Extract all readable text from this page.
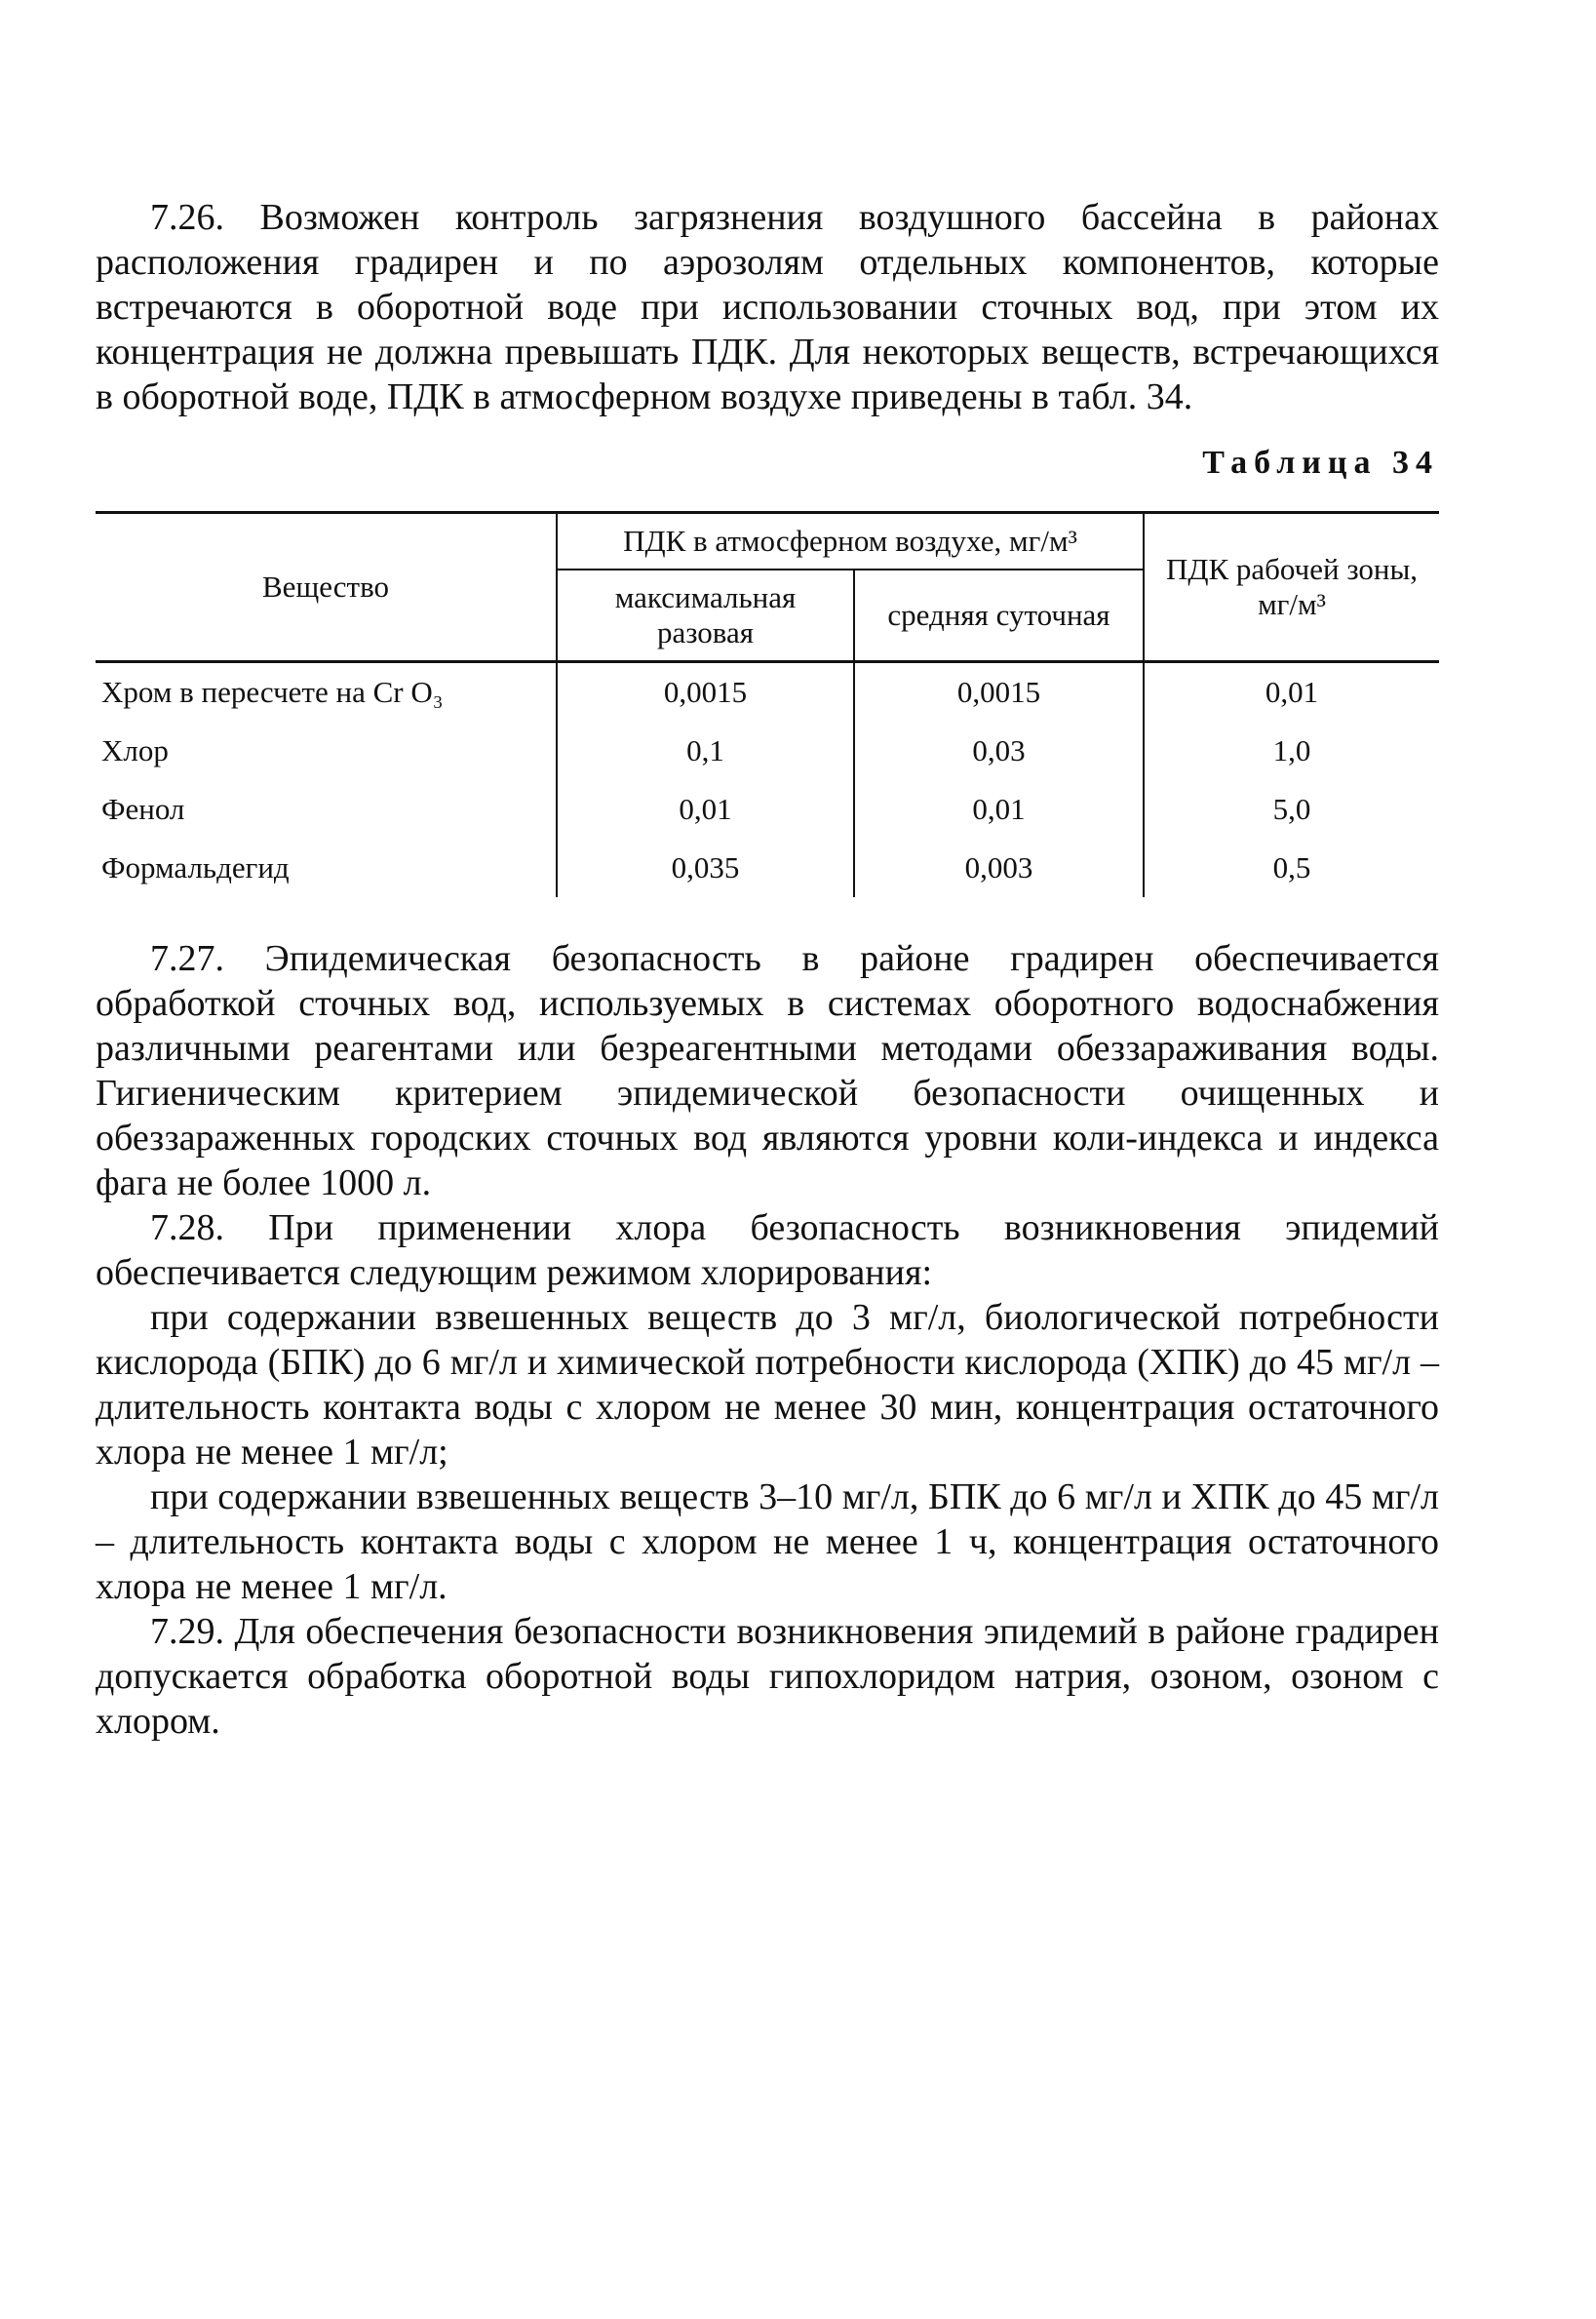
7.26. Возможен контроль загрязнения воздушного бассейна в районах расположения градирен и по аэрозолям отдельных компонентов, которые встречаются в оборотной воде при использовании сточных вод, при этом их концентрация не должна превышать ПДК. Для некоторых веществ, встречающихся в оборотной воде, ПДК в атмосферном воздухе приведены в табл. 34.

Таблица 34
Вещество	ПДК в атмосферном воздухе, мг/м³		ПДК рабочей зоны, мг/м³
	максимальная разовая	средняя суточная	
Хром в пересчете на Cr O₃	0,0015	0,0015	0,01
Хлор	0,1	0,03	1,0
Фенол	0,01	0,01	5,0
Формальдегид	0,035	0,003	0,5

7.27. Эпидемическая безопасность в районе градирен обеспечивается обработкой сточных вод, используемых в системах оборотного водоснабжения различными реагентами или безреагентными методами обеззараживания воды. Гигиеническим критерием эпидемической безопасности очищенных и обеззараженных городских сточных вод являются уровни коли-индекса и индекса фага не более 1000 л.

7.28. При применении хлора безопасность возникновения эпидемий обеспечивается следующим режимом хлорирования:

при содержании взвешенных веществ до 3 мг/л, биологической потребности кислорода (БПК) до 6 мг/л и химической потребности кислорода (ХПК) до 45 мг/л – длительность контакта воды с хлором не менее 30 мин, концентрация остаточного хлора не менее 1 мг/л;

при содержании взвешенных веществ 3–10 мг/л, БПК до 6 мг/л и ХПК до 45 мг/л – длительность контакта воды с хлором не менее 1 ч, концентрация остаточного хлора не менее 1 мг/л.

7.29. Для обеспечения безопасности возникновения эпидемий в районе градирен допускается обработка оборотной воды гипохлоридом натрия, озоном, озоном с хлором.
